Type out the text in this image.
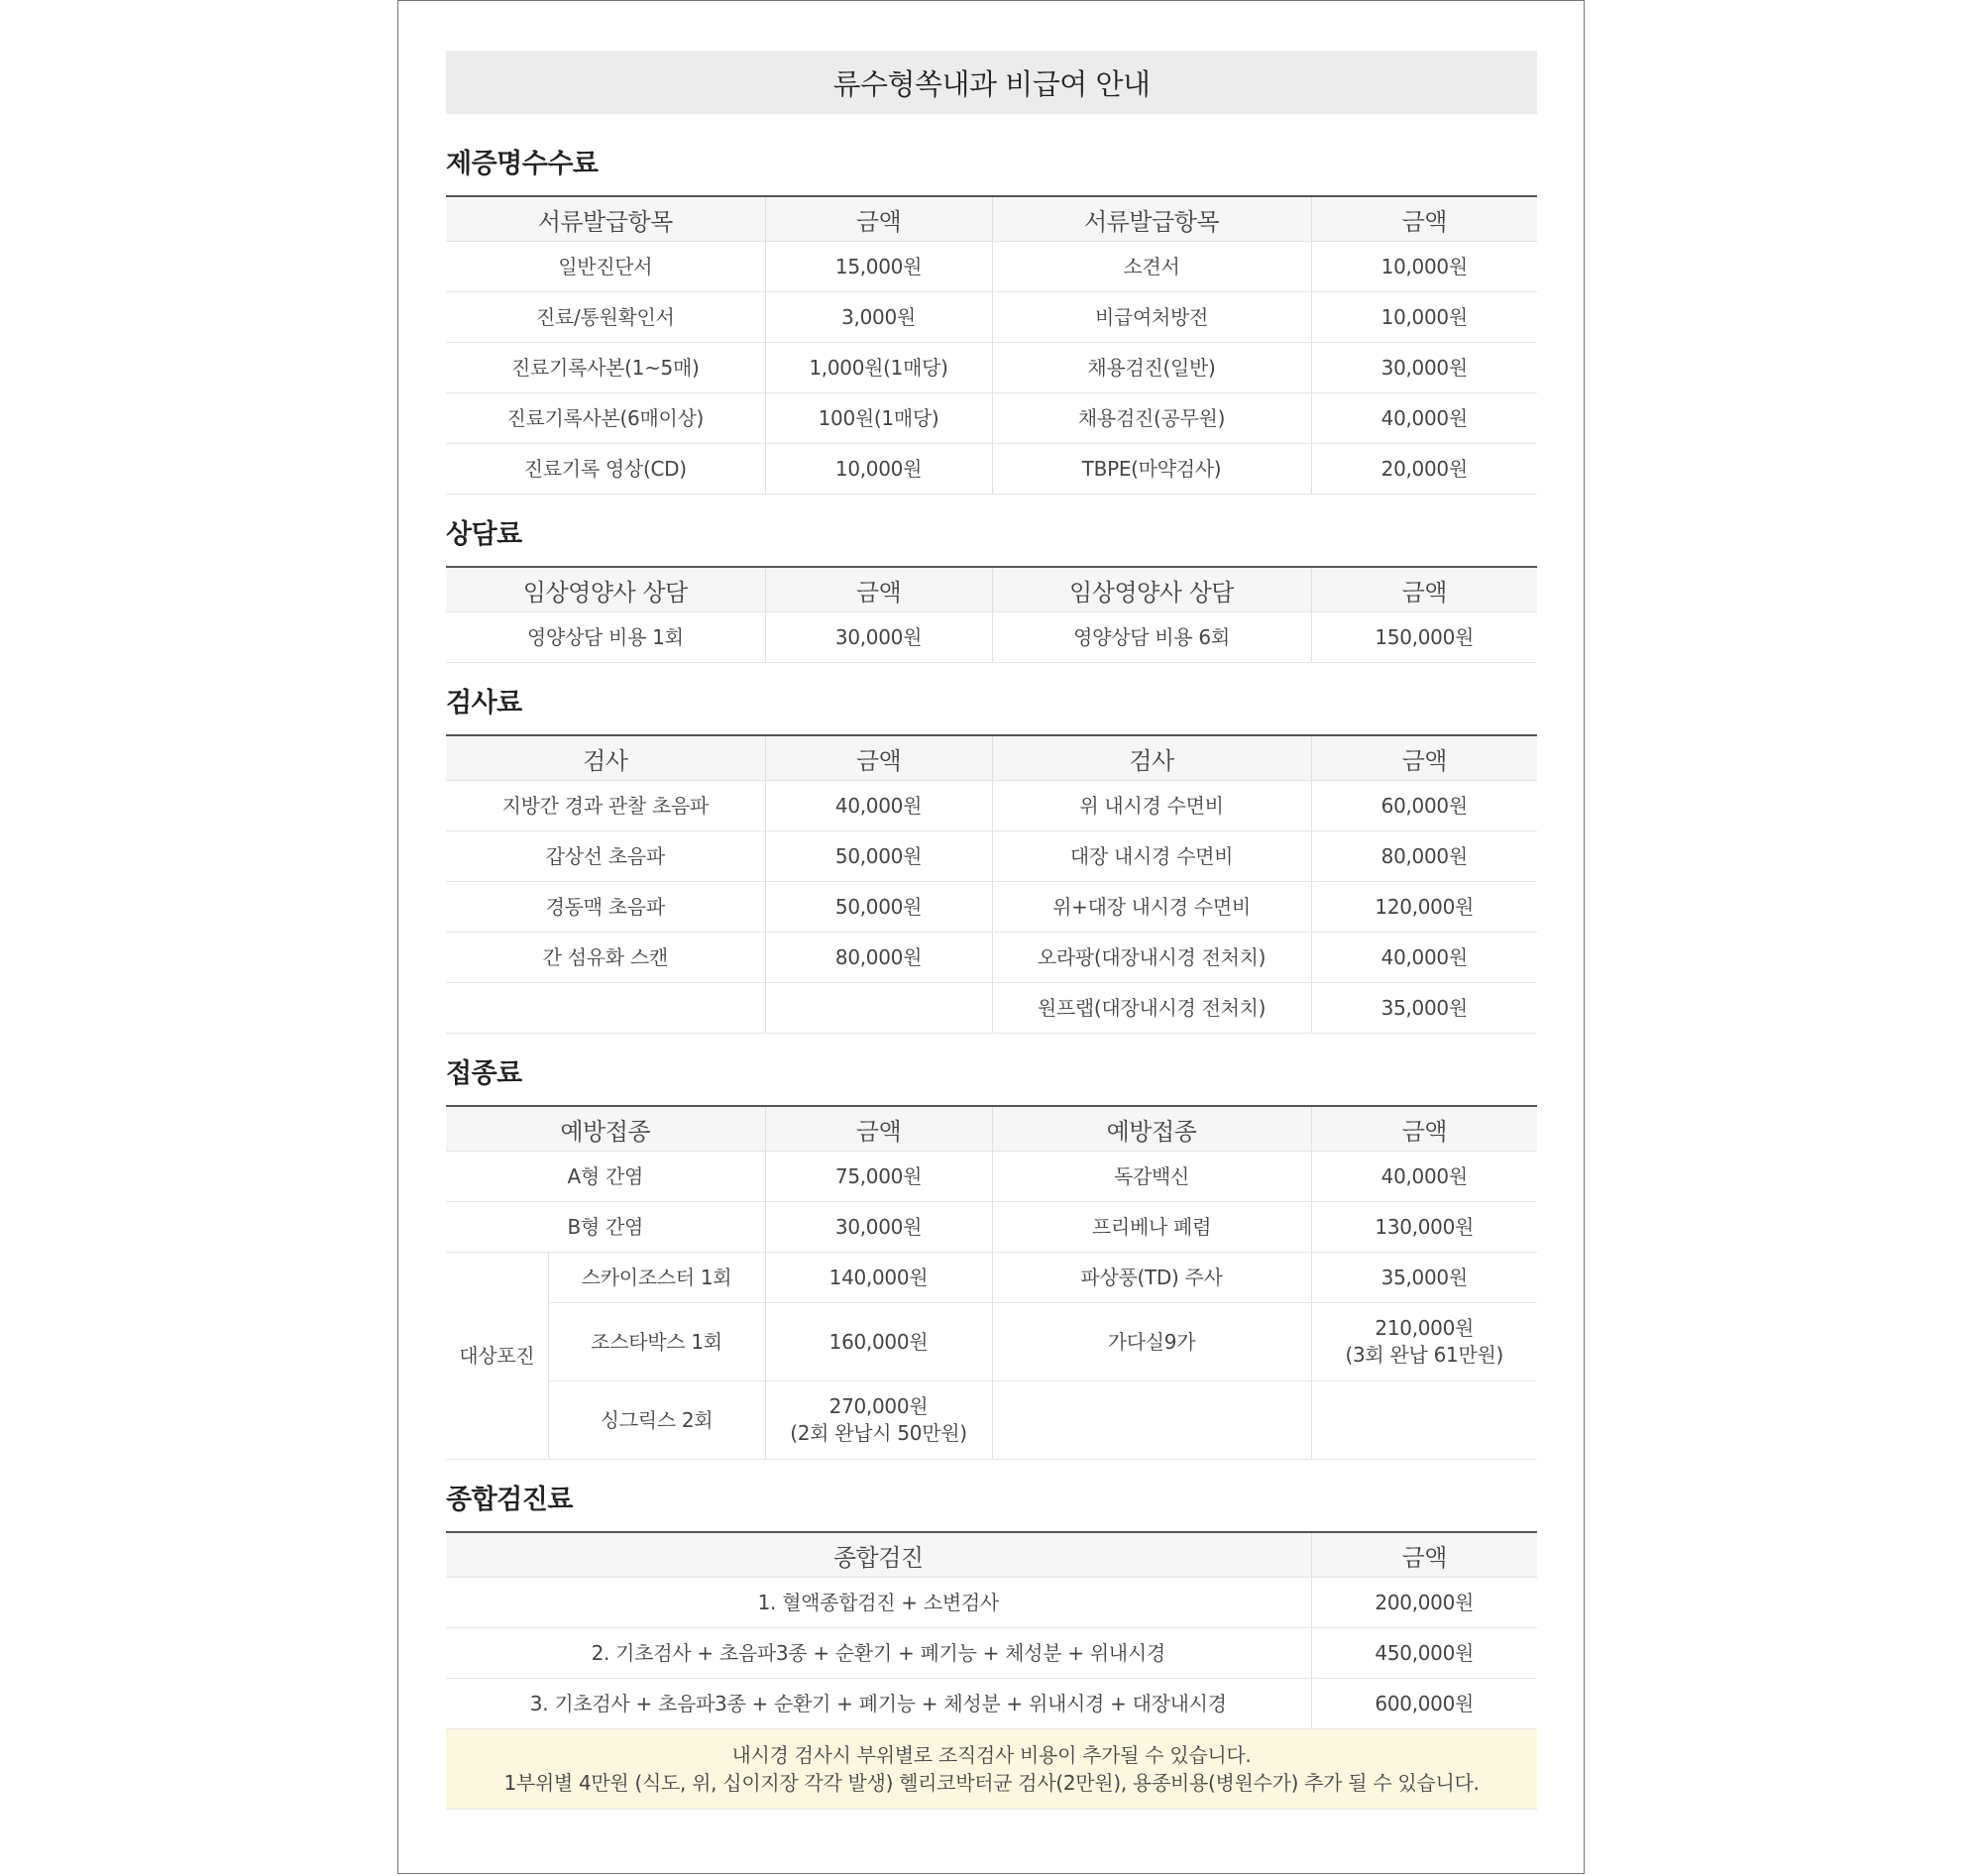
류수형쏙내과 비급여 안내
제증명수수료
서류발급항목	금액	서류발급항목	금액
일반진단서	15,000원	소견서	10,000원
진료/통원확인서	3,000원	비급여처방전	10,000원
진료기록사본(1~5매)	1,000원(1매당)	채용검진(일반)	30,000원
진료기록사본(6매이상)	100원(1매당)	채용검진(공무원)	40,000원
진료기록 영상(CD)	10,000원	TBPE(마약검사)	20,000원
상담료
임상영양사 상담	금액	임상영양사 상담	금액
영양상담 비용 1회	30,000원	영양상담 비용 6회	150,000원
검사료
검사	금액	검사	금액
지방간 경과 관찰 초음파	40,000원	위 내시경 수면비	60,000원
갑상선 초음파	50,000원	대장 내시경 수면비	80,000원
경동맥 초음파	50,000원	위+대장 내시경 수면비	120,000원
간 섬유화 스캔	80,000원	오라팡(대장내시경 전처치)	40,000원
		원프랩(대장내시경 전처치)	35,000원
접종료
예방접종		금액	예방접종	금액
A형 간염		75,000원	독감백신	40,000원
B형 간염		30,000원	프리베나 폐렴	130,000원
대상포진	스카이조스터 1회	140,000원	파상풍(TD) 주사	35,000원
	조스타박스 1회	160,000원	가다실9가	210,000원
(3회 완납 61만원)

	싱그릭스 2회	270,000원
(2회 완납시 50만원)		

종합검진료
종합검진	금액
1. 혈액종합검진 + 소변검사	200,000원
2. 기초검사 + 초음파3종 + 순환기 + 폐기능 + 체성분 + 위내시경	450,000원
3. 기초검사 + 초음파3종 + 순환기 + 폐기능 + 체성분 + 위내시경 + 대장내시경	600,000원
내시경 검사시 부위별로 조직검사 비용이 추가될 수 있습니다.
1부위별 4만원 (식도, 위, 십이지장 각각 발생) 헬리코박터균 검사(2만원), 용종비용(병원수가) 추가 될 수 있습니다.
